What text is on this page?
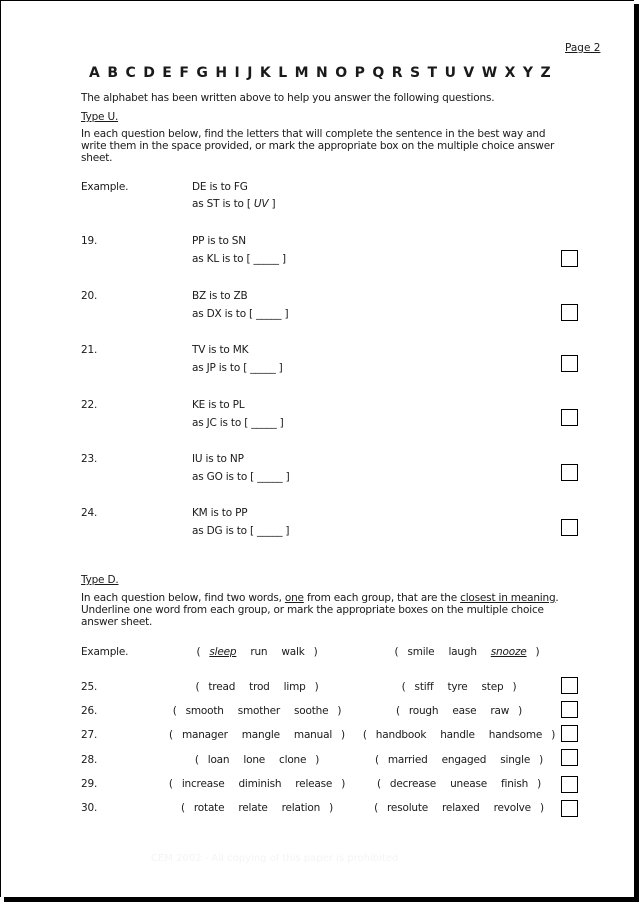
Page 2
A B C D E F G H I J K L M N O P Q R S T U V W X Y Z
The alphabet has been written above to help you answer the following questions.
Type U.
In each question below, find the letters that will complete the sentence in the best way and write them in the space provided, or mark the appropriate box on the multiple choice answer sheet.
Example.	DE is to FG
as ST is to [ UV ]
19.	PP is to SN
as KL is to [ _____ ]
20.	BZ is to ZB
as DX is to [ _____ ]
21.	TV is to MK
as JP is to [ _____ ]
22.	KE is to PL
as JC is to [ _____ ]
23.	IU is to NP
as GO is to [ _____ ]
24.	KM is to PP
as DG is to [ _____ ]
Type D.
In each question below, find two words, one from each group, that are the closest in meaning. Underline one word from each group, or mark the appropriate boxes on the multiple choice answer sheet.
Example.	( sleep run walk )	( smile laugh snooze )
25.	( tread trod limp )	( stiff tyre step )
26.	( smooth smother soothe )	( rough ease raw )
27.	( manager mangle manual ) ( handbook handle handsome )
28.	( loan lone clone )	( married engaged single )
29.	( increase diminish release )	( decrease unease finish )
30.	( rotate relate relation )	( resolute relaxed revolve )
CEM 2002 - All copying of this paper is prohibited
